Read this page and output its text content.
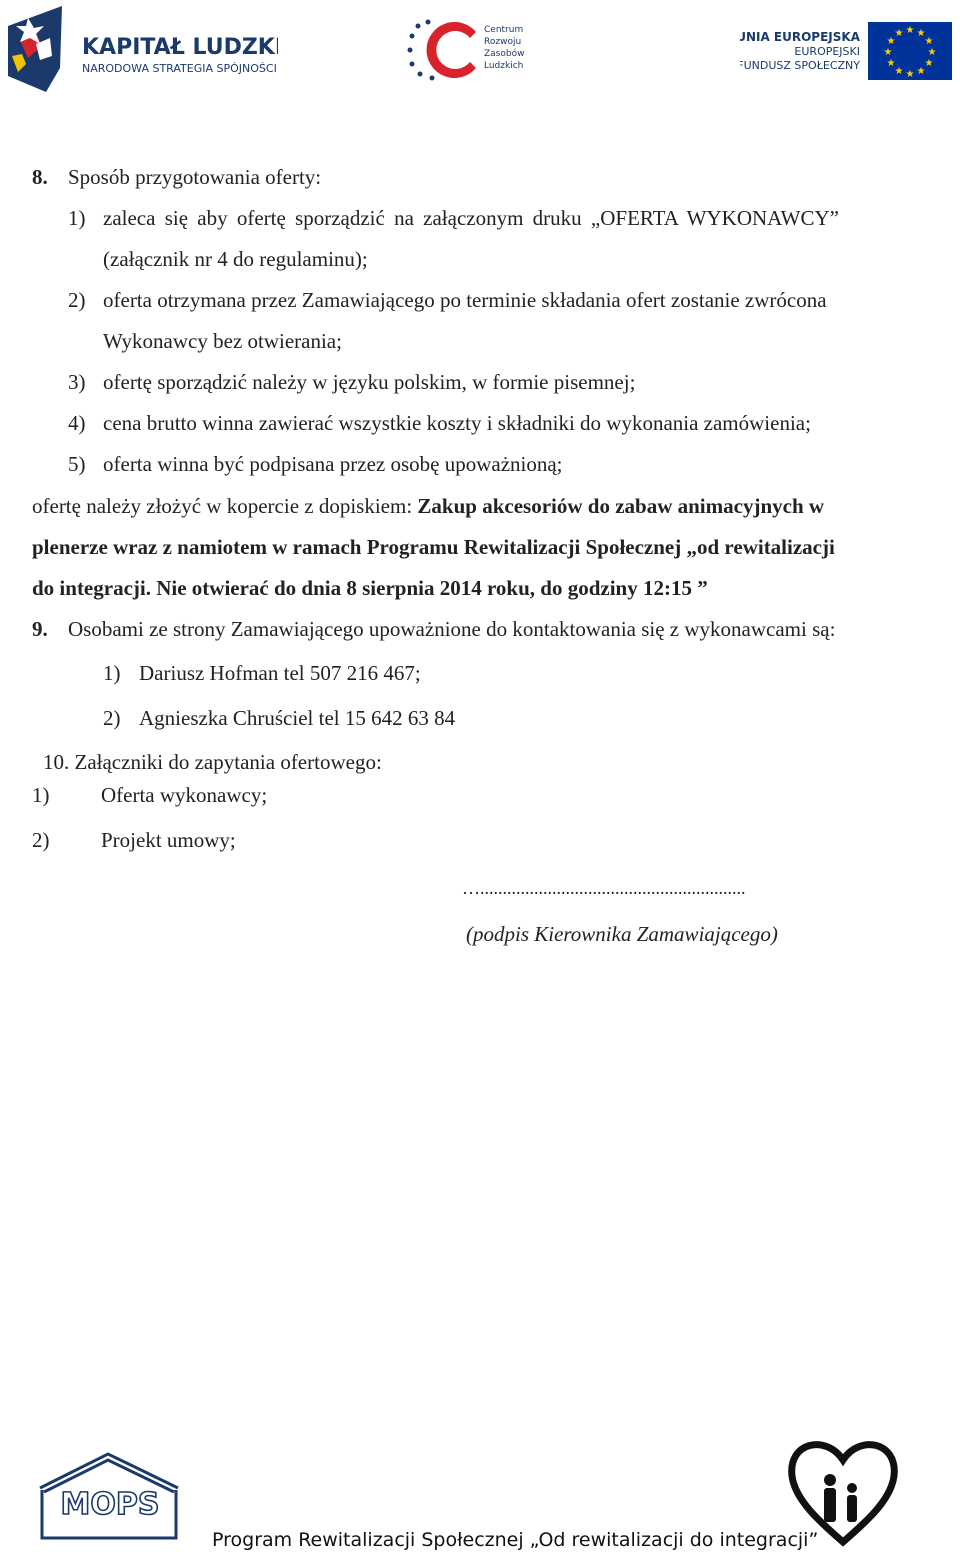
KAPITAŁ LUDZKI
NARODOWA STRATEGIA SPÓJNOŚCI
Centrum
Rozwoju
Zasobów
Ludzkich
UNIA EUROPEJSKA
EUROPEJSKI
FUNDUSZ SPOŁECZNY
★ ★
★
★
★
★
★
★
★
★
★
★
8. Sposób przygotowania oferty:
1) zaleca się aby ofertę sporządzić na załączonym druku „OFERTA WYKONAWCY”
(załącznik nr 4 do regulaminu);
2) oferta otrzymana przez Zamawiającego po terminie składania ofert zostanie zwrócona
Wykonawcy bez otwierania;
3) ofertę sporządzić należy w języku polskim, w formie pisemnej;
4) cena brutto winna zawierać wszystkie koszty i składniki do wykonania zamówienia;
5) oferta winna być podpisana przez osobę upoważnioną;
ofertę należy złożyć w kopercie z dopiskiem: Zakup akcesoriów do zabaw animacyjnych w
plenerze wraz z namiotem w ramach Programu Rewitalizacji Społecznej „od rewitalizacji
do integracji. Nie otwierać do dnia 8 sierpnia 2014 roku, do godziny 12:15 ”
9. Osobami ze strony Zamawiającego upoważnione do kontaktowania się z wykonawcami są:
1) Dariusz Hofman tel 507 216 467;
2) Agnieszka Chruściel tel 15 642 63 84
10. Załączniki do zapytania ofertowego:
1) Oferta wykonawcy;
2) Projekt umowy;
…...........................................................
(podpis Kierownika Zamawiającego)
MOPS
Program Rewitalizacji Społecznej „Od rewitalizacji do integracji”
